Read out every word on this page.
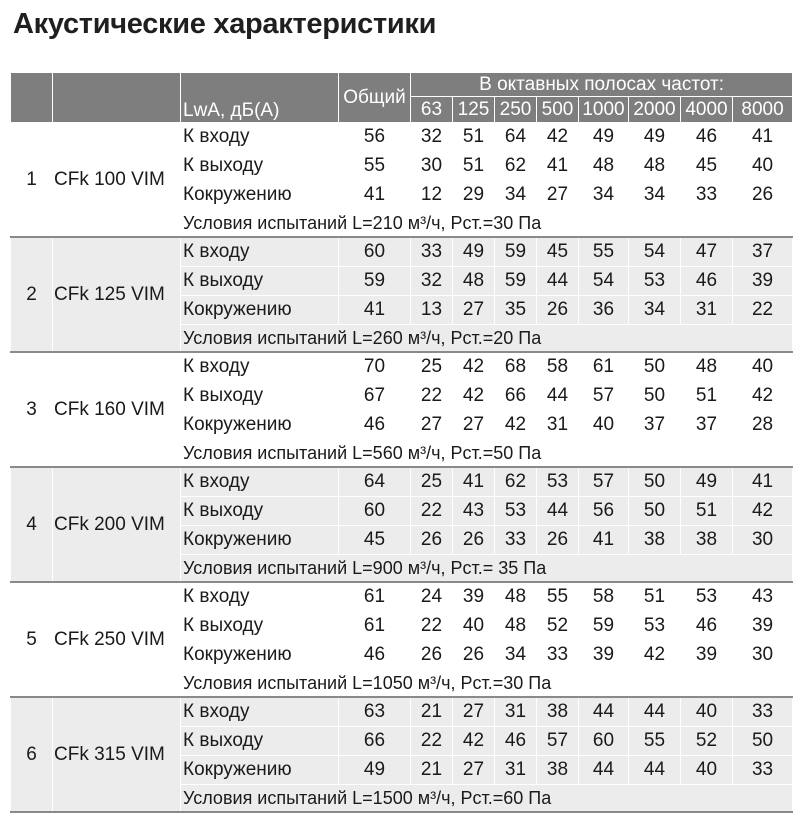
Акустические характеристики
		LwA, дБ(А)	Общий	В октавных полосах частот:							
				63	125	250	500	1000	2000	4000	8000
1	CFk 100 VIM	К входу	56	32	51	64	42	49	49	46	41
		К выходу	55	30	51	62	41	48	48	45	40
		Кокружению	41	12	29	34	27	34	34	33	26
		Условия испытаний L=210 м³/ч, Рст.=30 Па									
2	CFk 125 VIM	К входу	60	33	49	59	45	55	54	47	37
		К выходу	59	32	48	59	44	54	53	46	39
		Кокружению	41	13	27	35	26	36	34	31	22
		Условия испытаний L=260 м³/ч, Рст.=20 Па									
3	CFk 160 VIM	К входу	70	25	42	68	58	61	50	48	40
		К выходу	67	22	42	66	44	57	50	51	42
		Кокружению	46	27	27	42	31	40	37	37	28
		Условия испытаний L=560 м³/ч, Рст.=50 Па									
4	CFk 200 VIM	К входу	64	25	41	62	53	57	50	49	41
		К выходу	60	22	43	53	44	56	50	51	42
		Кокружению	45	26	26	33	26	41	38	38	30
		Условия испытаний L=900 м³/ч, Рст.= 35 Па									
5	CFk 250 VIM	К входу	61	24	39	48	55	58	51	53	43
		К выходу	61	22	40	48	52	59	53	46	39
		Кокружению	46	26	26	34	33	39	42	39	30
		Условия испытаний L=1050 м³/ч, Рст.=30 Па									
6	CFk 315 VIM	К входу	63	21	27	31	38	44	44	40	33
		К выходу	66	22	42	46	57	60	55	52	50
		Кокружению	49	21	27	31	38	44	44	40	33
		Условия испытаний L=1500 м³/ч, Рст.=60 Па									
